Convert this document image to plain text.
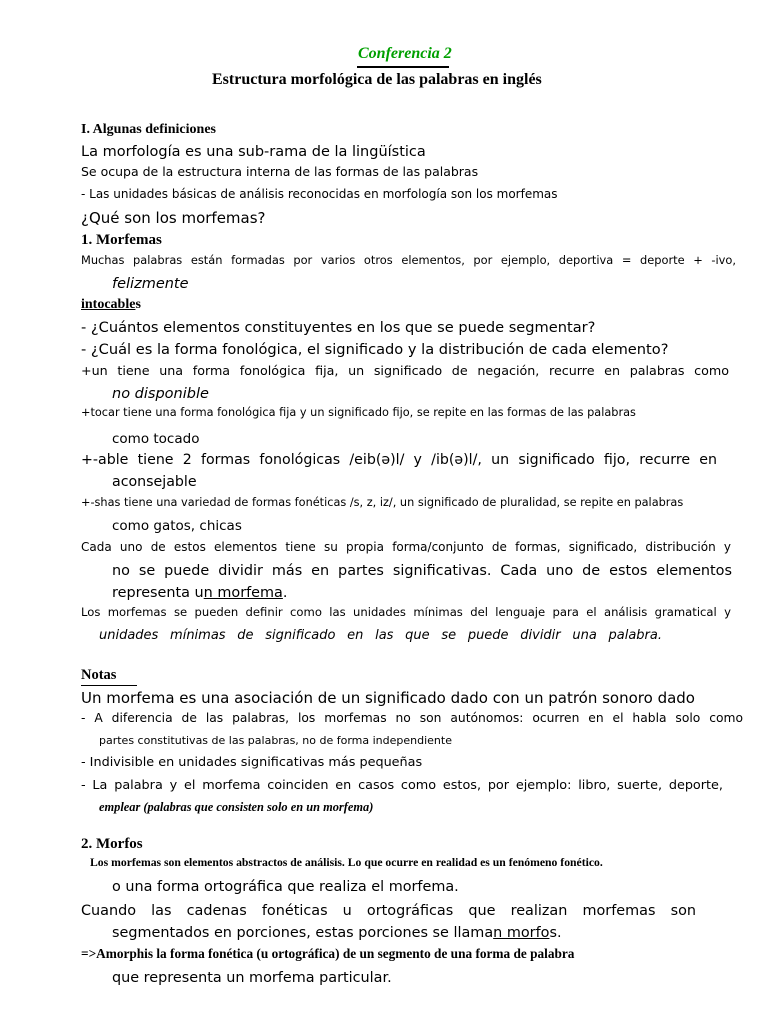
Conferencia 2
Estructura morfológica de las palabras en inglés
I. Algunas definiciones
La morfología es una sub-rama de la lingüística
Se ocupa de la estructura interna de las formas de las palabras
- Las unidades básicas de análisis reconocidas en morfología son los morfemas
¿Qué son los morfemas?
1. Morfemas
Muchas palabras están formadas por varios otros elementos, por ejemplo, deportiva = deporte + -ivo,
felizmente
intocables
- ¿Cuántos elementos constituyentes en los que se puede segmentar?
- ¿Cuál es la forma fonológica, el significado y la distribución de cada elemento?
+un tiene una forma fonológica fija, un significado de negación, recurre en palabras como
no disponible
+tocar tiene una forma fonológica fija y un significado fijo, se repite en las formas de las palabras
como tocado
+-able tiene 2 formas fonológicas /eib(ə)l/ y /ib(ə)l/, un significado fijo, recurre en
aconsejable
+-shas tiene una variedad de formas fonéticas /s, z, iz/, un significado de pluralidad, se repite en palabras
como gatos, chicas
Cada uno de estos elementos tiene su propia forma/conjunto de formas, significado, distribución y
no se puede dividir más en partes significativas. Cada uno de estos elementos
representa un morfema.
Los morfemas se pueden definir como las unidades mínimas del lenguaje para el análisis gramatical y
unidades mínimas de significado en las que se puede dividir una palabra.
Notas
Un morfema es una asociación de un significado dado con un patrón sonoro dado
- A diferencia de las palabras, los morfemas no son autónomos: ocurren en el habla solo como
partes constitutivas de las palabras, no de forma independiente
- Indivisible en unidades significativas más pequeñas
- La palabra y el morfema coinciden en casos como estos, por ejemplo: libro, suerte, deporte,
emplear (palabras que consisten solo en un morfema)
2. Morfos
Los morfemas son elementos abstractos de análisis. Lo que ocurre en realidad es un fenómeno fonético.
o una forma ortográfica que realiza el morfema.
Cuando las cadenas fonéticas u ortográficas que realizan morfemas son
segmentados en porciones, estas porciones se llaman morfos.
=>Amorphis la forma fonética (u ortográfica) de un segmento de una forma de palabra
que representa un morfema particular.
